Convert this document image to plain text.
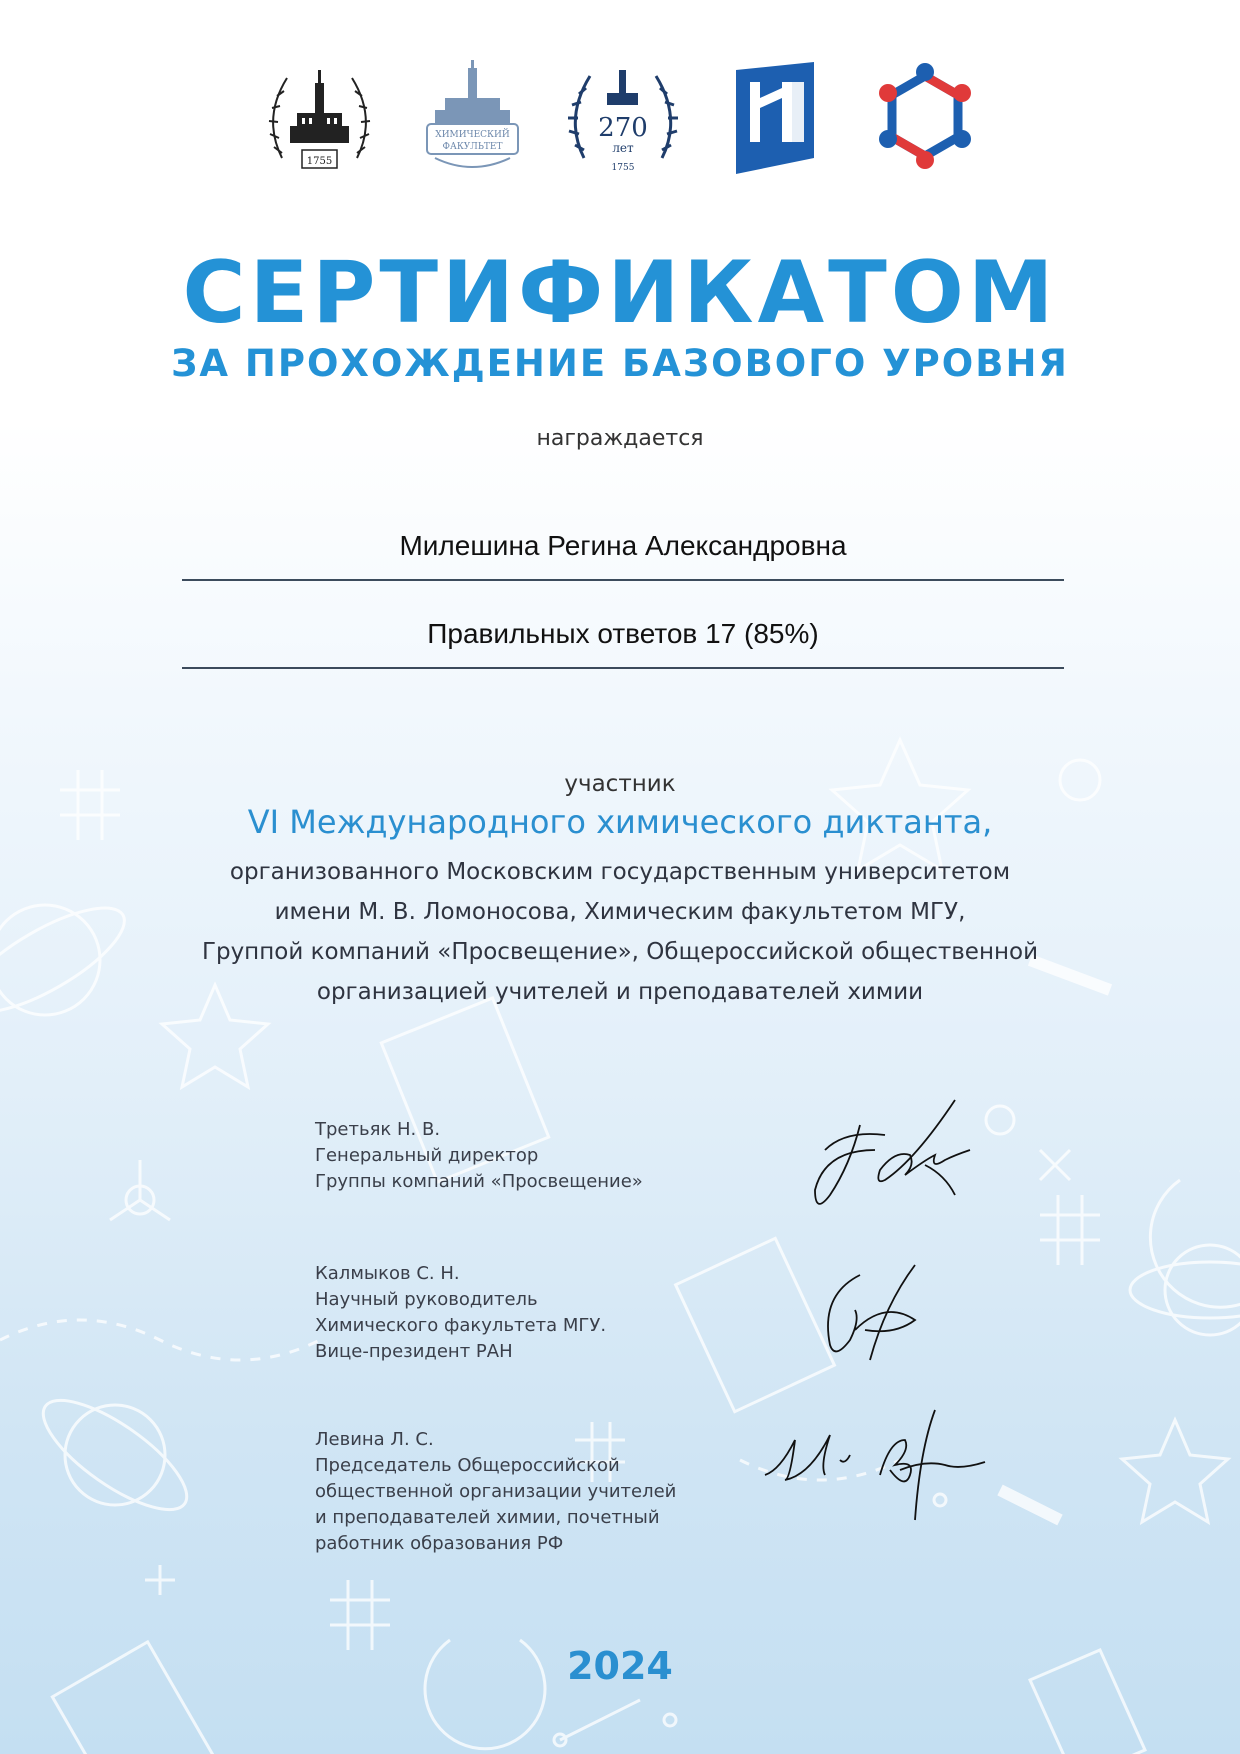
1755
ХИМИЧЕСКИЙ
ФАКУЛЬТЕТ
270
лет
1755
СЕРТИФИКАТОМ
ЗА ПРОХОЖДЕНИЕ БАЗОВОГО УРОВНЯ
награждается
Милешина Регина Александровна
Правильных ответов 17 (85%)
участник
VI Международного химического диктанта,
организованного Московским государственным университетом
имени М. В. Ломоносова, Химическим факультетом МГУ,
Группой компаний «Просвещение», Общероссийской общественной
организацией учителей и преподавателей химии
Третьяк Н. В.
Генеральный директор
Группы компаний «Просвещение»
Калмыков С. Н.
Научный руководитель
Химического факультета МГУ.
Вице-президент РАН
Левина Л. С.
Председатель Общероссийской
общественной организации учителей
и преподавателей химии, почетный
работник образования РФ
2024
